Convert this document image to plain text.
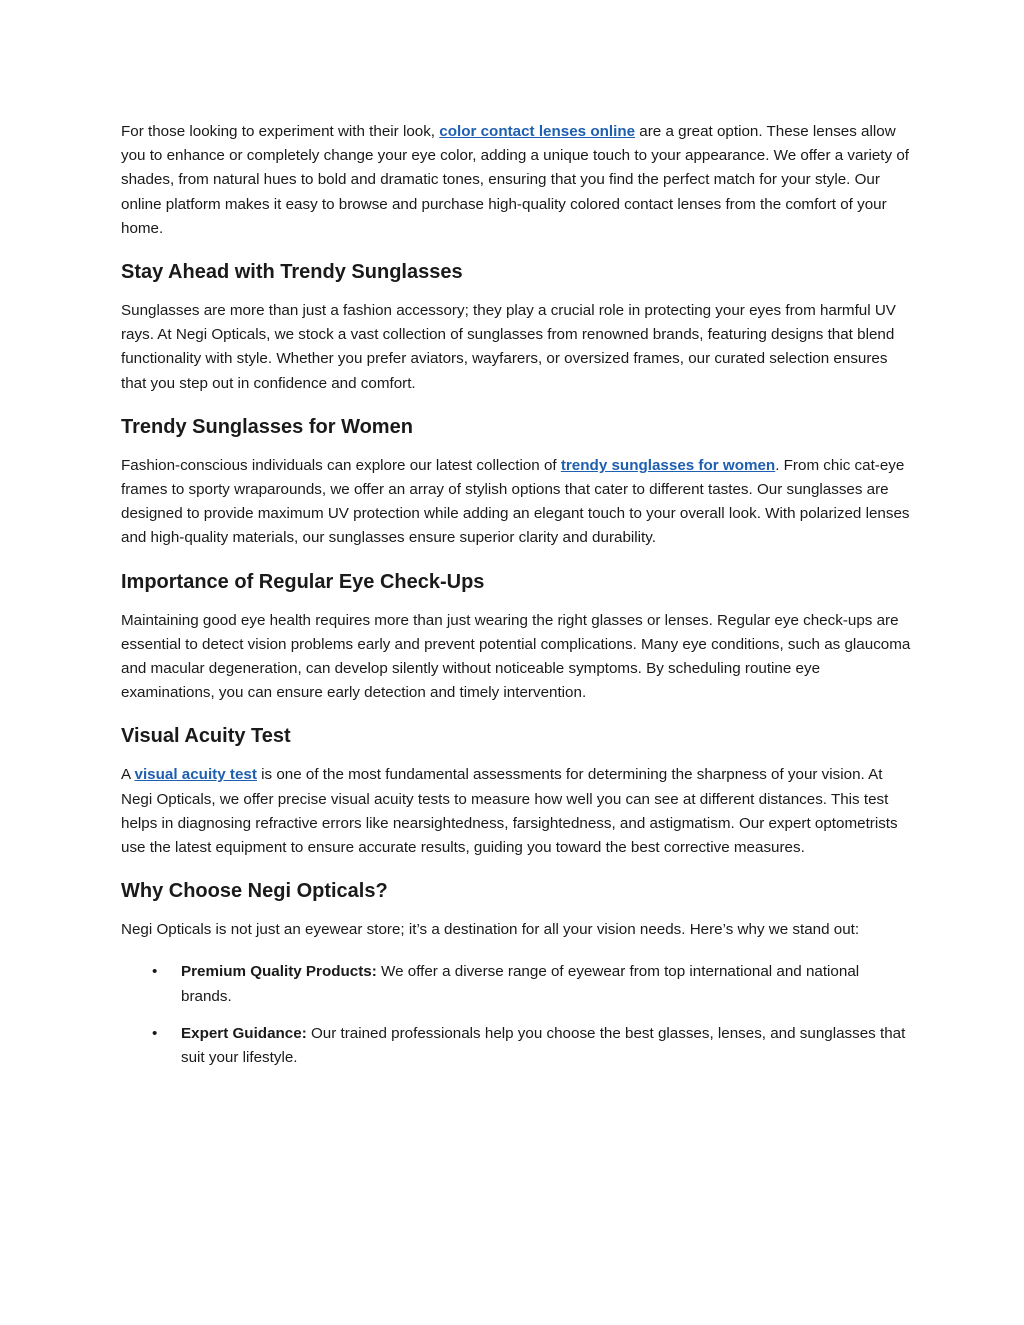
For those looking to experiment with their look, color contact lenses online are a great option. These lenses allow you to enhance or completely change your eye color, adding a unique touch to your appearance. We offer a variety of shades, from natural hues to bold and dramatic tones, ensuring that you find the perfect match for your style. Our online platform makes it easy to browse and purchase high-quality colored contact lenses from the comfort of your home.

Stay Ahead with Trendy Sunglasses

Sunglasses are more than just a fashion accessory; they play a crucial role in protecting your eyes from harmful UV rays. At Negi Opticals, we stock a vast collection of sunglasses from renowned brands, featuring designs that blend functionality with style. Whether you prefer aviators, wayfarers, or oversized frames, our curated selection ensures that you step out in confidence and comfort.

Trendy Sunglasses for Women

Fashion-conscious individuals can explore our latest collection of trendy sunglasses for women. From chic cat-eye frames to sporty wraparounds, we offer an array of stylish options that cater to different tastes. Our sunglasses are designed to provide maximum UV protection while adding an elegant touch to your overall look. With polarized lenses and high-quality materials, our sunglasses ensure superior clarity and durability.

Importance of Regular Eye Check-Ups

Maintaining good eye health requires more than just wearing the right glasses or lenses. Regular eye check-ups are essential to detect vision problems early and prevent potential complications. Many eye conditions, such as glaucoma and macular degeneration, can develop silently without noticeable symptoms. By scheduling routine eye examinations, you can ensure early detection and timely intervention.

Visual Acuity Test

A visual acuity test is one of the most fundamental assessments for determining the sharpness of your vision. At Negi Opticals, we offer precise visual acuity tests to measure how well you can see at different distances. This test helps in diagnosing refractive errors like nearsightedness, farsightedness, and astigmatism. Our expert optometrists use the latest equipment to ensure accurate results, guiding you toward the best corrective measures.

Why Choose Negi Opticals?

Negi Opticals is not just an eyewear store; it’s a destination for all your vision needs. Here’s why we stand out:

• Premium Quality Products: We offer a diverse range of eyewear from top international and national brands.
• Expert Guidance: Our trained professionals help you choose the best glasses, lenses, and sunglasses that suit your lifestyle.
